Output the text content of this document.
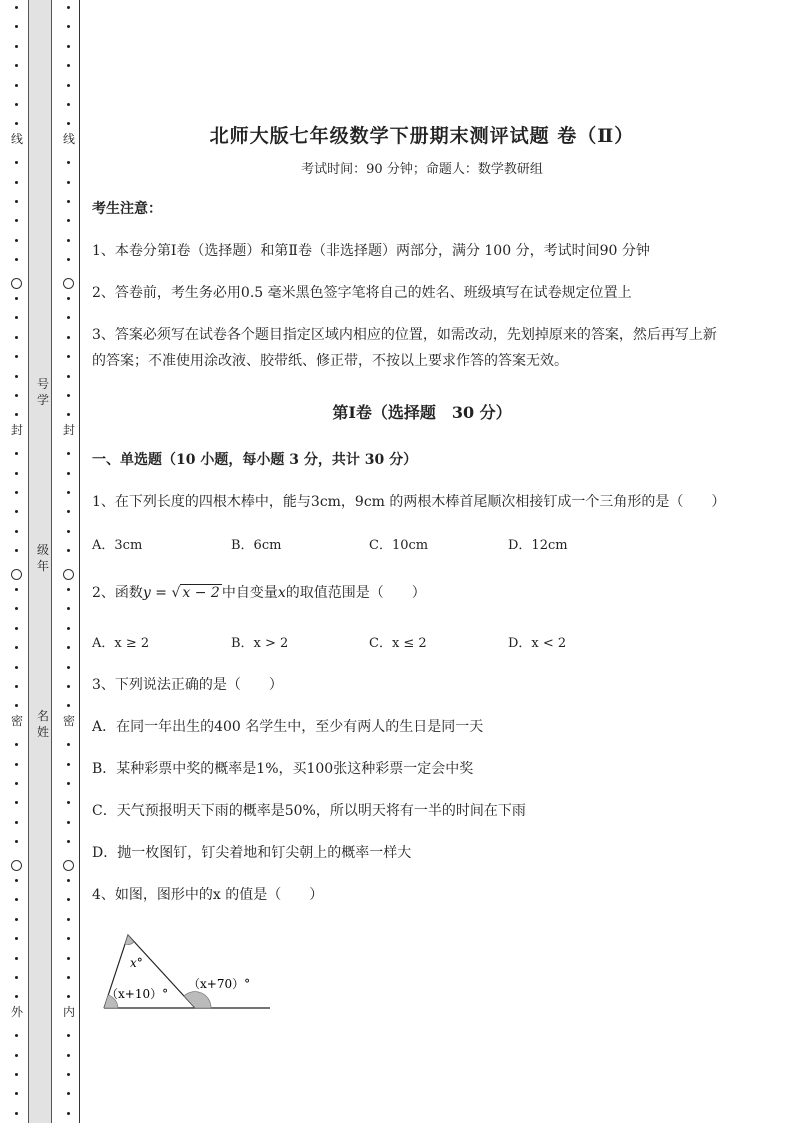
线
封
密
外
号学
级年
名姓
线
封
密
内
北师大版七年级数学下册期末测评试题 卷（Ⅱ）
考试时间：90 分钟；命题人：数学教研组
考生注意：
1、本卷分第Ⅰ卷（选择题）和第Ⅱ卷（非选择题）两部分，满分 100 分，考试时间90 分钟
2、答卷前，考生务必用0.5 毫米黑色签字笔将自己的姓名、班级填写在试卷规定位置上
3、答案必须写在试卷各个题目指定区域内相应的位置，如需改动，先划掉原来的答案，然后再写上新
的答案；不准使用涂改液、胶带纸、修正带，不按以上要求作答的答案无效。
第Ⅰ卷（选择题　30 分）
一、单选题（10 小题，每小题 3 分，共计 30 分）
1、在下列长度的四根木棒中，能与3cm，9cm 的两根木棒首尾顺次相接钉成一个三角形的是（　　）
A．3cm	B．6cm	C．10cm	D．12cm
2、函数y = √ x − 2 中自变量x的取值范围是（　　）
A．x ≥ 2	B．x > 2	C．x ≤ 2	D．x < 2
3、下列说法正确的是（　　）
A．在同一年出生的400 名学生中，至少有两人的生日是同一天
B．某种彩票中奖的概率是1%，买100张这种彩票一定会中奖
C．天气预报明天下雨的概率是50%，所以明天将有一半的时间在下雨
D．抛一枚图钉，钉尖着地和钉尖朝上的概率一样大
4、如图，图形中的x 的值是（　　）
x°
（x+10）°
（x+70）°
